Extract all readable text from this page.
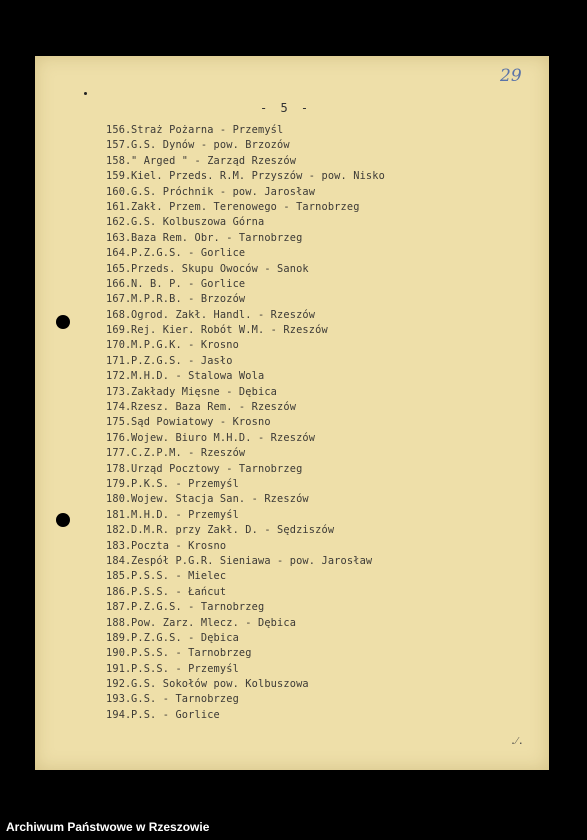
29
- 5 -
156.Straż Pożarna - Przemyśl
157.G.S. Dynów - pow. Brzozów
158." Arged " - Zarząd Rzeszów
159.Kiel. Przeds. R.M. Przyszów - pow. Nisko
160.G.S. Próchnik - pow. Jarosław
161.Zakł. Przem. Terenowego - Tarnobrzeg
162.G.S. Kolbuszowa Górna
163.Baza Rem. Obr. - Tarnobrzeg
164.P.Z.G.S. - Gorlice
165.Przeds. Skupu Owoców - Sanok
166.N. B. P. - Gorlice
167.M.P.R.B. - Brzozów
168.Ogrod. Zakł. Handl. - Rzeszów
169.Rej. Kier. Robót W.M. - Rzeszów
170.M.P.G.K. - Krosno
171.P.Z.G.S. - Jasło
172.M.H.D. - Stalowa Wola
173.Zakłady Mięsne - Dębica
174.Rzesz. Baza Rem. - Rzeszów
175.Sąd Powiatowy - Krosno
176.Wojew. Biuro M.H.D. - Rzeszów
177.C.Z.P.M. - Rzeszów
178.Urząd Pocztowy - Tarnobrzeg
179.P.K.S. - Przemyśl
180.Wojew. Stacja San. - Rzeszów
181.M.H.D. - Przemyśl
182.D.M.R. przy Zakł. D. - Sędziszów
183.Poczta - Krosno
184.Zespół P.G.R. Sieniawa - pow. Jarosław
185.P.S.S. - Mielec
186.P.S.S. - Łańcut
187.P.Z.G.S. - Tarnobrzeg
188.Pow. Zarz. Mlecz. - Dębica
189.P.Z.G.S. - Dębica
190.P.S.S. - Tarnobrzeg
191.P.S.S. - Przemyśl
192.G.S. Sokołów pow. Kolbuszowa
193.G.S. - Tarnobrzeg
194.P.S. - Gorlice
.⁄.
Archiwum Państwowe w Rzeszowie
